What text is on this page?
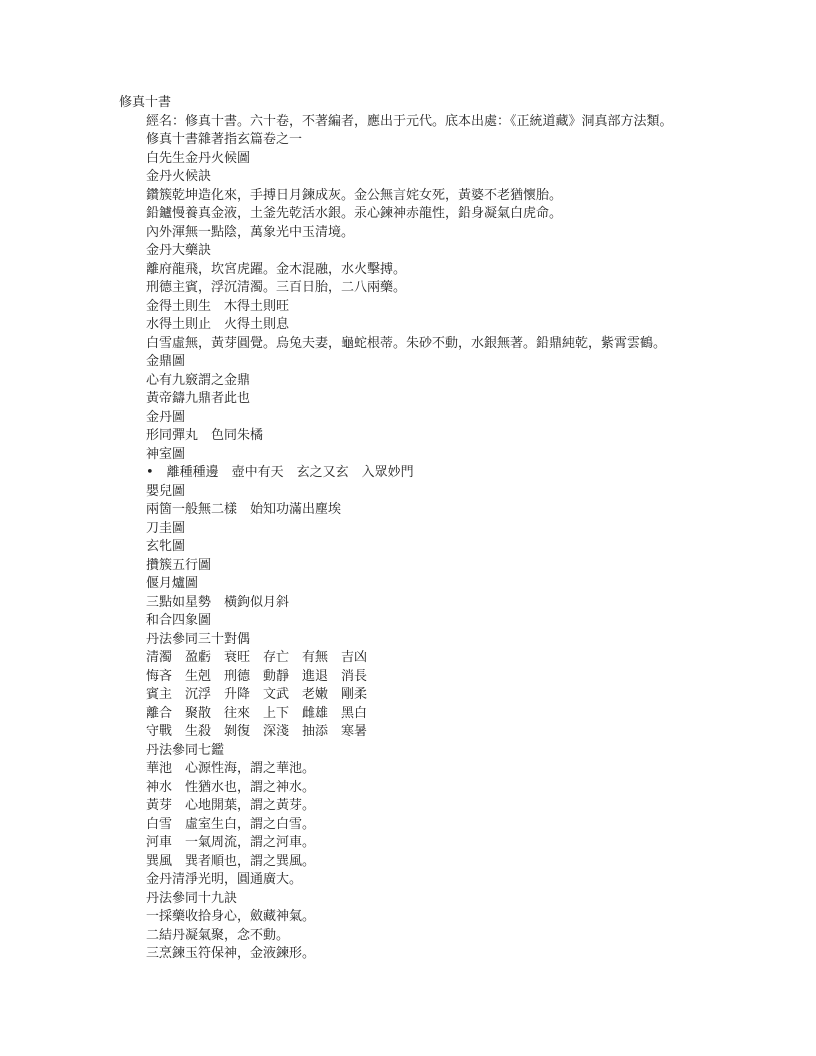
修真十書
經名：修真十書。六十卷，不著編者，應出于元代。底本出處：《正統道藏》洞真部方法類。
修真十書雜著指玄篇卷之一
白先生金丹火候圖
金丹火候訣
鑽簇乾坤造化來，手搏日月鍊成灰。金公無言姹女死，黃婆不老猶懷胎。
鉛鑪慢養真金液，土釜先乾活水銀。汞心鍊神赤龍性，鉛身凝氣白虎命。
內外渾無一點陰，萬象光中玉清境。
金丹大藥訣
離府龍飛，坎宮虎躍。金木混融，水火擊搏。
刑德主賓，浮沉清濁。三百日胎，二八兩藥。
金得土則生　木得土則旺
水得土則止　火得土則息
白雪虛無，黃芽圓覺。烏兔夫妻，龜蛇根蒂。朱砂不動，水銀無著。鉛鼎純乾，紫霄雲鶴。
金鼎圖
心有九竅謂之金鼎
黃帝鑄九鼎者此也
金丹圖
形同彈丸　色同朱橘
神室圖
•　離種種邊　壺中有天　玄之又玄　入眾妙門
嬰兒圖
兩箇一般無二樣　始知功滿出塵埃
刀圭圖
玄牝圖
攢簇五行圖
偃月爐圖
三點如星勢　橫鉤似月斜
和合四象圖
丹法參同三十對偶
清濁　盈虧　衰旺　存亡　有無　吉凶
悔吝　生剋　刑德　動靜　進退　消長
賓主　沉浮　升降　文武　老嫩　剛柔
離合　聚散　往來　上下　雌雄　黑白
守戰　生殺　剝復　深淺　抽添　寒暑
丹法參同七鑑
華池　心源性海，謂之華池。
神水　性猶水也，謂之神水。
黃芽　心地開葉，謂之黃芽。
白雪　虛室生白，謂之白雪。
河車　一氣周流，謂之河車。
巽風　巽者順也，謂之巽風。
金丹清淨光明，圓通廣大。
丹法參同十九訣
一採藥收拾身心，斂藏神氣。
二結丹凝氣聚，念不動。
三烹鍊玉符保神，金液鍊形。
